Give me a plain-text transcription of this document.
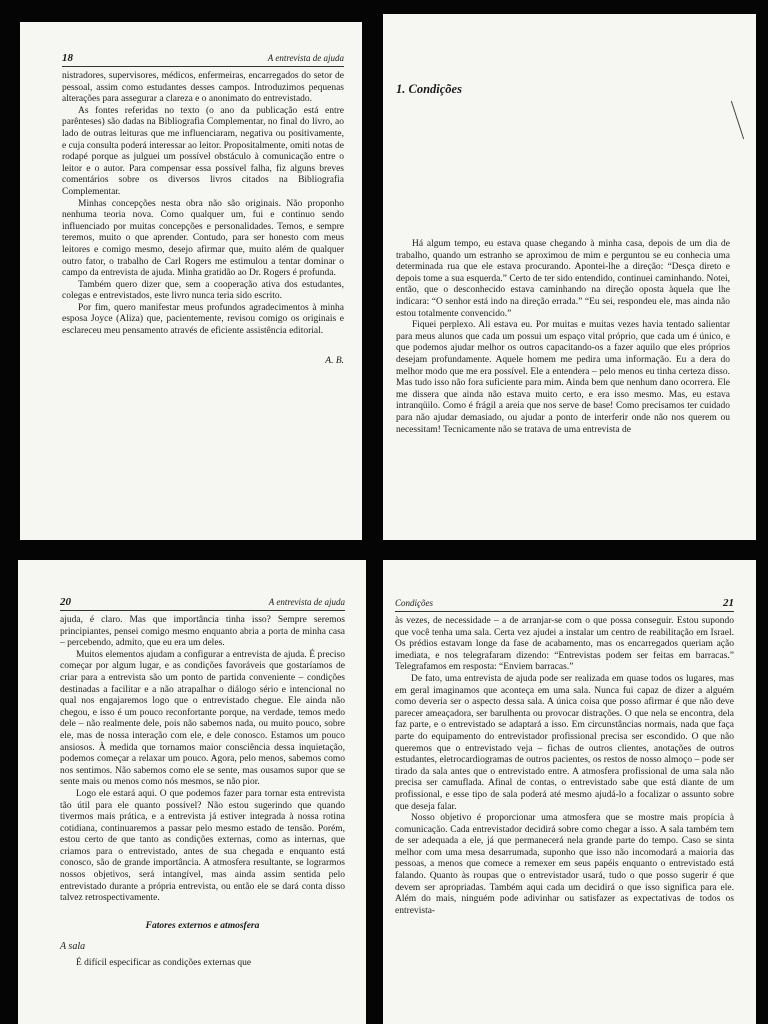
18	A entrevista de ajuda

nistradores, supervisores, médicos, enfermeiras, encarregados do setor de pessoal, assim como estudantes desses campos. Introduzimos pequenas alterações para assegurar a clareza e o anonimato do entrevistado.

As fontes referidas no texto (o ano da publicação está entre parênteses) são dadas na Bibliografia Complementar, no final do livro, ao lado de outras leituras que me influenciaram, negativa ou positivamente, e cuja consulta poderá interessar ao leitor. Propositalmente, omiti notas de rodapé porque as julguei um possível obstáculo à comunicação entre o leitor e o autor. Para compensar essa possível falha, fiz alguns breves comentários sobre os diversos livros citados na Bibliografia Complementar.

Minhas concepções nesta obra não são originais. Não proponho nenhuma teoria nova. Como qualquer um, fui e continuo sendo influenciado por muitas concepções e personalidades. Temos, e sempre teremos, muito o que aprender. Contudo, para ser honesto com meus leitores e comigo mesmo, desejo afirmar que, muito além de qualquer outro fator, o trabalho de Carl Rogers me estimulou a tentar dominar o campo da entrevista de ajuda. Minha gratidão ao Dr. Rogers é profunda.

Também quero dizer que, sem a cooperação ativa dos estudantes, colegas e entrevistados, este livro nunca teria sido escrito.

Por fim, quero manifestar meus profundos agradecimentos à minha esposa Joyce (Aliza) que, pacientemente, revisou comigo os originais e esclareceu meu pensamento através de eficiente assistência editorial.

A. B.

1. Condições

Há algum tempo, eu estava quase chegando à minha casa, depois de um dia de trabalho, quando um estranho se aproximou de mim e perguntou se eu conhecia uma determinada rua que ele estava procurando. Apontei-lhe a direção: “Desça direto e depois tome a sua esquerda.” Certo de ter sido entendido, continuei caminhando. Notei, então, que o desconhecido estava caminhando na direção oposta àquela que lhe indicara: “O senhor está indo na direção errada.” “Eu sei, respondeu ele, mas ainda não estou totalmente convencido.”

Fiquei perplexo. Ali estava eu. Por muitas e muitas vezes havia tentado salientar para meus alunos que cada um possui um espaço vital próprio, que cada um é único, e que podemos ajudar melhor os outros capacitando-os a fazer aquilo que eles próprios desejam profundamente. Aquele homem me pedira uma informação. Eu a dera do melhor modo que me era possível. Ele a entendera – pelo menos eu tinha certeza disso. Mas tudo isso não fora suficiente para mim. Ainda bem que nenhum dano ocorrera. Ele me dissera que ainda não estava muito certo, e era isso mesmo. Mas, eu estava intranqüilo. Como é frágil a areia que nos serve de base! Como precisamos ter cuidado para não ajudar demasiado, ou ajudar a ponto de interferir onde não nos querem ou necessitam! Tecnicamente não se tratava de uma entrevista de

20	A entrevista de ajuda

ajuda, é claro. Mas que importância tinha isso? Sempre seremos principiantes, pensei comigo mesmo enquanto abria a porta de minha casa – percebendo, admito, que eu era um deles.

Muitos elementos ajudam a configurar a entrevista de ajuda. É preciso começar por algum lugar, e as condições favoráveis que gostaríamos de criar para a entrevista são um ponto de partida conveniente – condições destinadas a facilitar e a não atrapalhar o diálogo sério e intencional no qual nos engajaremos logo que o entrevistado chegue. Ele ainda não chegou, e isso é um pouco reconfortante porque, na verdade, temos medo dele – não realmente dele, pois não sabemos nada, ou muito pouco, sobre ele, mas de nossa interação com ele, e dele conosco. Estamos um pouco ansiosos. À medida que tornamos maior consciência dessa inquietação, podemos começar a relaxar um pouco. Agora, pelo menos, sabemos como nos sentimos. Não sabemos como ele se sente, mas ousamos supor que se sente mais ou menos como nós mesmos, se não pior.

Logo ele estará aqui. O que podemos fazer para tornar esta entrevista tão útil para ele quanto possível? Não estou sugerindo que quando tivermos mais prática, e a entrevista já estiver integrada à nossa rotina cotidiana, continuaremos a passar pelo mesmo estado de tensão. Porém, estou certo de que tanto as condições externas, como as internas, que criamos para o entrevistado, antes de sua chegada e enquanto está conosco, são de grande importância. A atmosfera resultante, se lograrmos nossos objetivos, será intangível, mas ainda assim sentida pelo entrevistado durante a própria entrevista, ou então ele se dará conta disso talvez retrospectivamente.

Fatores externos e atmosfera

A sala

É difícil especificar as condições externas que

Condições	21

às vezes, de necessidade – a de arranjar-se com o que possa conseguir. Estou supondo que você tenha uma sala. Certa vez ajudei a instalar um centro de reabilitação em Israel. Os prédios estavam longe da fase de acabamento, mas os encarregados queriam ação imediata, e nos telegrafaram dizendo: “Entrevistas podem ser feitas em barracas.” Telegrafamos em resposta: “Enviem barracas.”

De fato, uma entrevista de ajuda pode ser realizada em quase todos os lugares, mas em geral imaginamos que aconteça em uma sala. Nunca fui capaz de dizer a alguém como deveria ser o aspecto dessa sala. A única coisa que posso afirmar é que não deve parecer ameaçadora, ser barulhenta ou provocar distrações. O que nela se encontra, dela faz parte, e o entrevistado se adaptará a isso. Em circunstâncias normais, nada que faça parte do equipamento do entrevistador profissional precisa ser escondido. O que não queremos que o entrevistado veja – fichas de outros clientes, anotações de outros estudantes, eletrocardiogramas de outros pacientes, os restos de nosso almoço – pode ser tirado da sala antes que o entrevistado entre. A atmosfera profissional de uma sala não precisa ser camuflada. Afinal de contas, o entrevistado sabe que está diante de um profissional, e esse tipo de sala poderá até mesmo ajudá-lo a focalizar o assunto sobre que deseja falar.

Nosso objetivo é proporcionar uma atmosfera que se mostre mais propícia à comunicação. Cada entrevistador decidirá sobre como chegar a isso. A sala também tem de ser adequada a ele, já que permanecerá nela grande parte do tempo. Caso se sinta melhor com uma mesa desarrumada, suponho que isso não incomodará a maioria das pessoas, a menos que comece a remexer em seus papéis enquanto o entrevistado está falando. Quanto às roupas que o entrevistador usará, tudo o que posso sugerir é que devem ser apropriadas. Também aqui cada um decidirá o que isso significa para ele. Além do mais, ninguém pode adivinhar ou satisfazer as expectativas de todos os entrevista-
